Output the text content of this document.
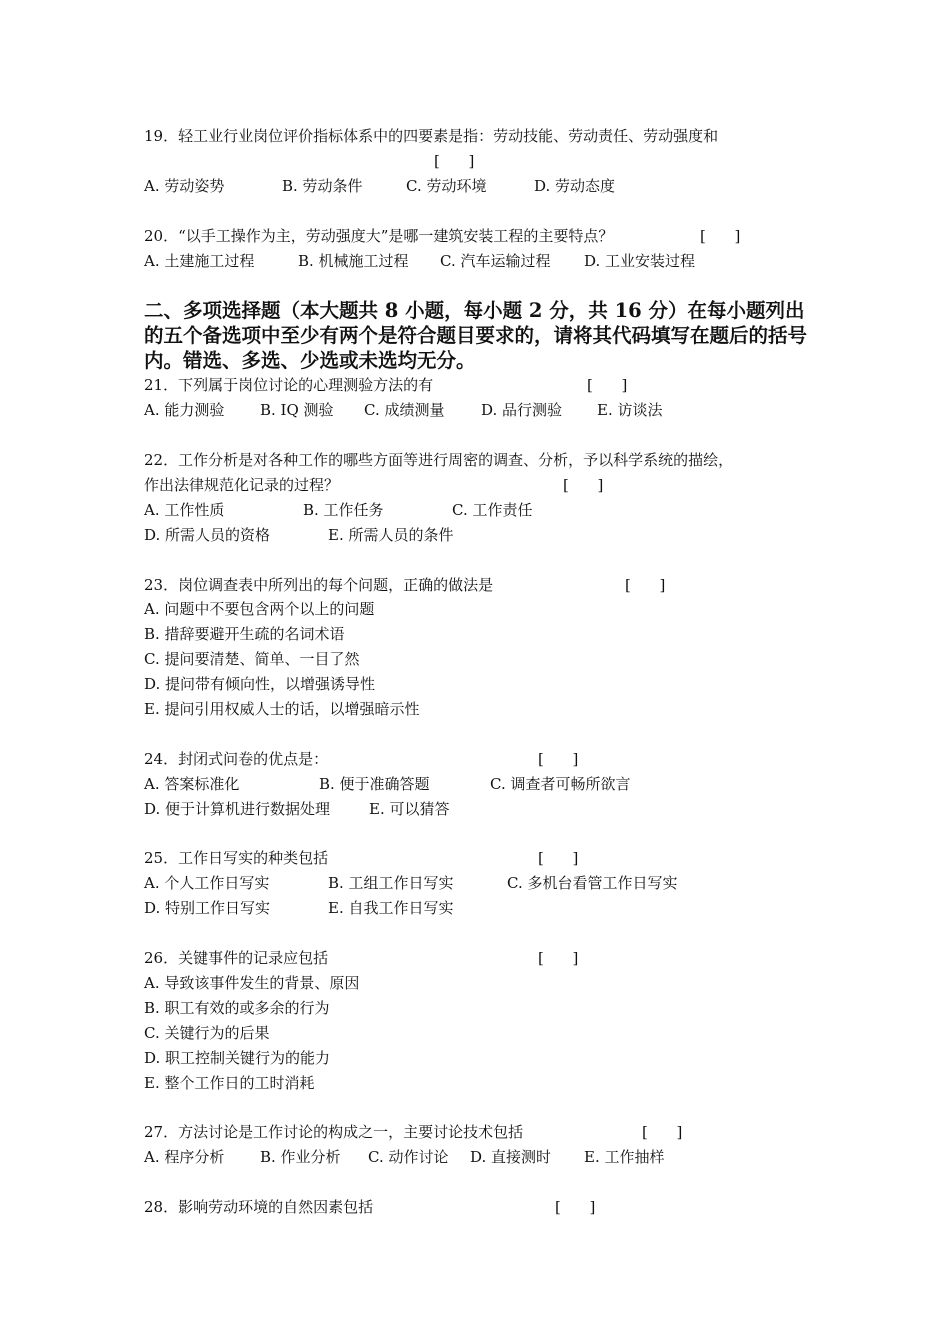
19．轻工业行业岗位评价指标体系中的四要素是指：劳动技能、劳动责任、劳动强度和
[      ]
A. 劳动姿势	B. 劳动条件	C. 劳动环境	D. 劳动态度
20．“以手工操作为主，劳动强度大”是哪一建筑安装工程的主要特点？	[      ]
A. 土建施工过程	B. 机械施工过程 C. 汽车运输过程 D. 工业安装过程
二、多项选择题（本大题共 8 小题，每小题 2 分，共 16 分）在每小题列出的五个备选项中至少有两个是符合题目要求的，请将其代码填写在题后的括号内。错选、多选、少选或未选均无分。
21．下列属于岗位讨论的心理测验方法的有	[      ]
A. 能力测验 B. IQ 测验 C. 成绩测量 D. 品行测验 E. 访谈法
22．工作分析是对各种工作的哪些方面等进行周密的调查、分析，予以科学系统的描绘，
作出法律规范化记录的过程？	[      ]
A. 工作性质	B. 工作任务	C. 工作责任
D. 所需人员的资格	E. 所需人员的条件
23．岗位调查表中所列出的每个问题，正确的做法是	[      ]
A. 问题中不要包含两个以上的问题
B. 措辞要避开生疏的名词术语
C. 提问要清楚、简单、一目了然
D. 提问带有倾向性，以增强诱导性
E. 提问引用权威人士的话，以增强暗示性
24．封闭式问卷的优点是：	[      ]
A. 答案标准化	B. 便于准确答题	C. 调查者可畅所欲言
D. 便于计算机进行数据处理	E. 可以猜答
25．工作日写实的种类包括	[      ]
A. 个人工作日写实	B. 工组工作日写实	C. 多机台看管工作日写实
D. 特别工作日写实	E. 自我工作日写实
26．关键事件的记录应包括	[      ]
A. 导致该事件发生的背景、原因
B. 职工有效的或多余的行为
C. 关键行为的后果
D. 职工控制关键行为的能力
E. 整个工作日的工时消耗
27．方法讨论是工作讨论的构成之一，主要讨论技术包括	[      ]
A. 程序分析 B. 作业分析 C. 动作讨论 D. 直接测时 E. 工作抽样
28．影响劳动环境的自然因素包括	[      ]
